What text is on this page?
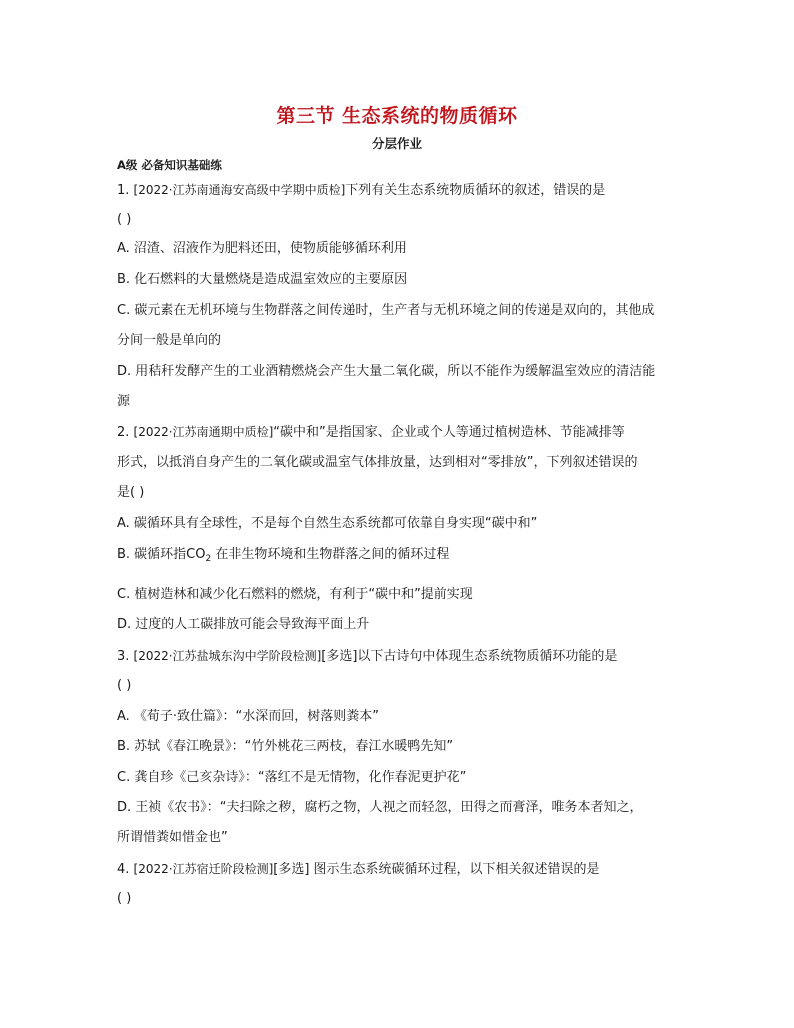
第三节 生态系统的物质循环
分层作业
A级 必备知识基础练
1. [2022·江苏南通海安高级中学期中质检]下列有关生态系统物质循环的叙述，错误的是
( )
A. 沼渣、沼液作为肥料还田，使物质能够循环利用
B. 化石燃料的大量燃烧是造成温室效应的主要原因
C. 碳元素在无机环境与生物群落之间传递时，生产者与无机环境之间的传递是双向的，其他成
分间一般是单向的
D. 用秸秆发酵产生的工业酒精燃烧会产生大量二氧化碳，所以不能作为缓解温室效应的清洁能
源
2. [2022·江苏南通期中质检]“碳中和”是指国家、企业或个人等通过植树造林、节能减排等
形式，以抵消自身产生的二氧化碳或温室气体排放量，达到相对“零排放”，下列叙述错误的
是( )
A. 碳循环具有全球性，不是每个自然生态系统都可依靠自身实现“碳中和”
B. 碳循环指$CO_2$ 在非生物环境和生物群落之间的循环过程
C. 植树造林和减少化石燃料的燃烧，有利于“碳中和”提前实现
D. 过度的人工碳排放可能会导致海平面上升
3. [2022·江苏盐城东沟中学阶段检测][多选]以下古诗句中体现生态系统物质循环功能的是
( )
A. 《荀子·致仕篇》：“水深而回，树落则粪本”
B. 苏轼《春江晚景》：“竹外桃花三两枝，春江水暖鸭先知”
C. 龚自珍《己亥杂诗》：“落红不是无情物，化作春泥更护花”
D. 王祯《农书》：“夫扫除之秽，腐朽之物，人视之而轻忽，田得之而膏泽，唯务本者知之，
所谓惜粪如惜金也”
4. [2022·江苏宿迁阶段检测][多选] 图示生态系统碳循环过程，以下相关叙述错误的是
( )
